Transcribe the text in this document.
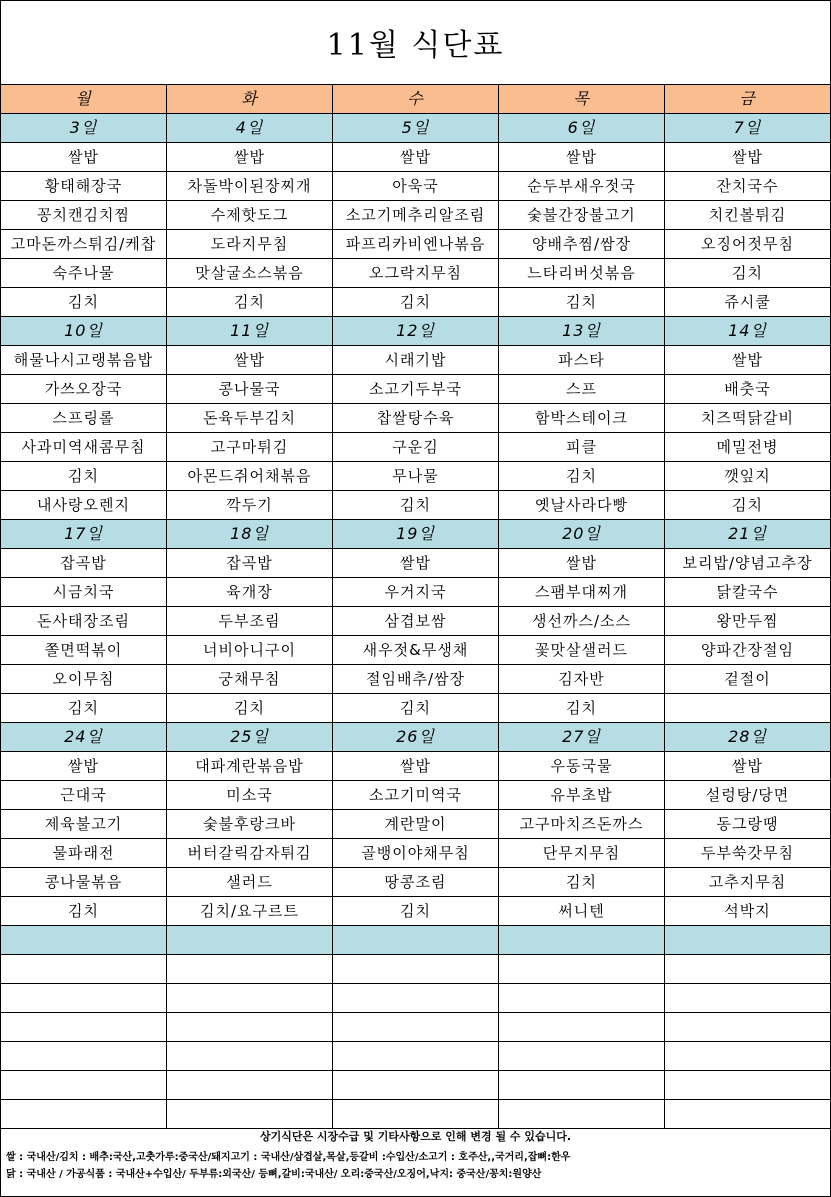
11월 식단표
월	화	수	목	금
3일	4일	5일	6일	7일
쌀밥	쌀밥	쌀밥	쌀밥	쌀밥
황태해장국	차돌박이된장찌개	아욱국	순두부새우젓국	잔치국수
꽁치캔김치찜	수제핫도그	소고기메추리알조림	숯불간장불고기	치킨볼튀김
고마돈까스튀김/케찹	도라지무침	파프리카비엔나볶음	양배추찜/쌈장	오징어젓무침
숙주나물	맛살굴소스볶음	오그락지무침	느타리버섯볶음	김치
김치	김치	김치	김치	쥬시쿨
10일	11일	12일	13일	14일
해물나시고랭볶음밥	쌀밥	시래기밥	파스타	쌀밥
가쓰오장국	콩나물국	소고기두부국	스프	배춧국
스프링롤	돈육두부김치	찹쌀탕수육	함박스테이크	치즈떡닭갈비
사과미역새콤무침	고구마튀김	구운김	피클	메밀전병
김치	아몬드쥐어채볶음	무나물	김치	깻잎지
내사랑오렌지	깍두기	김치	옛날사라다빵	김치
17일	18일	19일	20일	21일
잡곡밥	잡곡밥	쌀밥	쌀밥	보리밥/양념고추장
시금치국	육개장	우거지국	스팸부대찌개	닭칼국수
돈사태장조림	두부조림	삼겹보쌈	생선까스/소스	왕만두찜
쫄면떡볶이	너비아니구이	새우젓&무생채	꽃맛살샐러드	양파간장절임
오이무침	궁채무침	절임배추/쌈장	김자반	겉절이
김치	김치	김치	김치	
24일	25일	26일	27일	28일
쌀밥	대파계란볶음밥	쌀밥	우동국물	쌀밥
근대국	미소국	소고기미역국	유부초밥	설렁탕/당면
제육불고기	숯불후랑크바	계란말이	고구마치즈돈까스	동그랑땡
물파래전	버터갈릭감자튀김	골뱅이야채무침	단무지무침	두부쑥갓무침
콩나물볶음	샐러드	땅콩조림	김치	고추지무침
김치	김치/요구르트	김치	써니텐	석박지

상기식단은 시장수급 및 기타사항으로 인해 변경 될 수 있습니다.
쌀 : 국내산/김치 : 배추:국산,고춧가루:중국산/돼지고기 : 국내산/삼겹살,목살,등갈비 :수입산/소고기 : 호주산,,국거리,잡뼈:한우
닭 : 국내산 / 가공식품 : 국내산+수입산/ 두부류:외국산/ 등뼈,갈비:국내산/ 오리:중국산/오징어,낙지: 중국산/꽁치:원양산
